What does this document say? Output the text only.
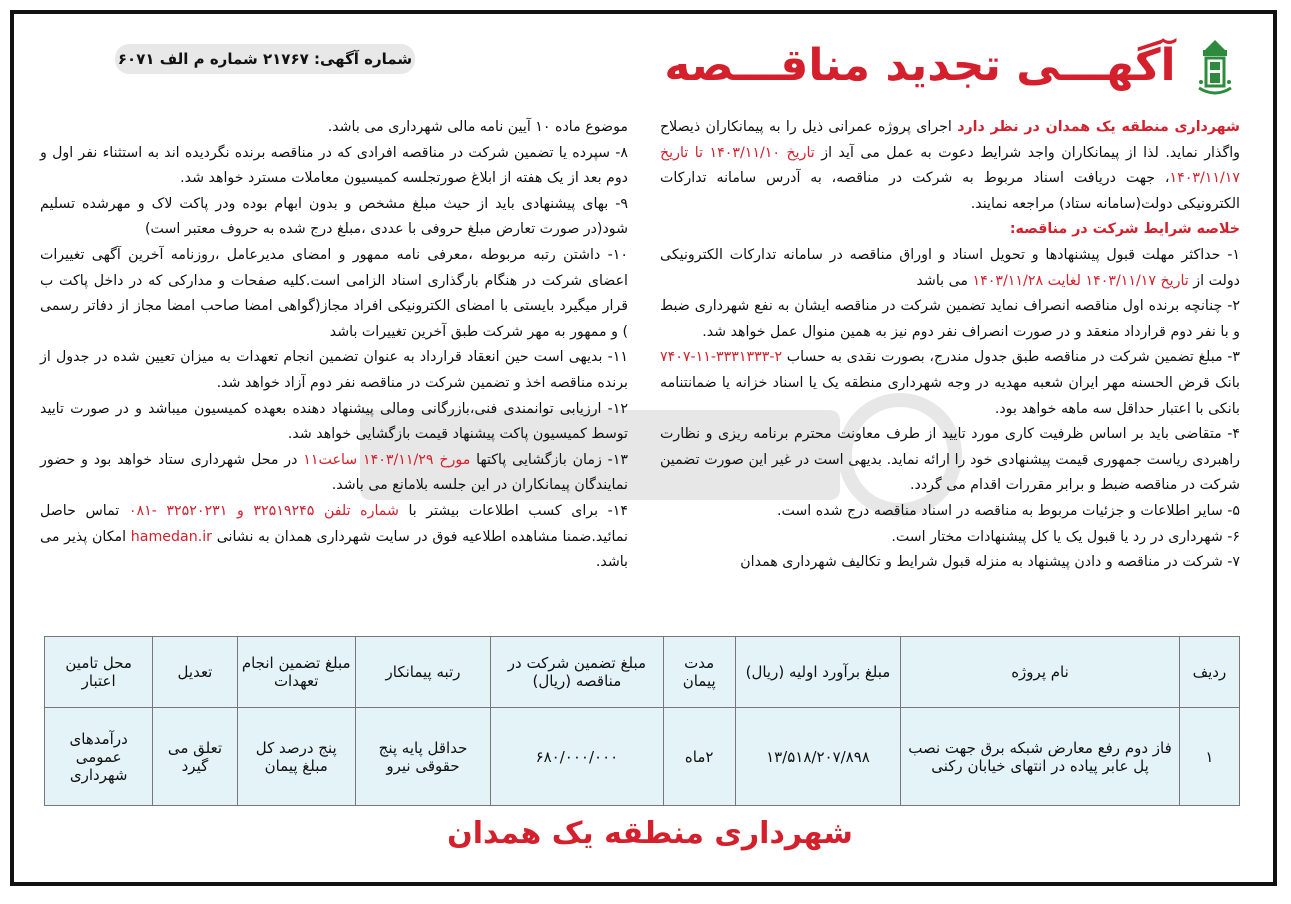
آگهـــی تجدید مناقـــصه
شماره آگهی: ۲۱۷۶۷ شماره م الف ۶۰۷۱

شهرداری منطقه یک همدان در نظر دارد اجرای پروژه عمرانی ذیل را به پیمانکاران ذیصلاح واگذار نماید. لذا از پیمانکاران واجد شرایط دعوت به عمل می آید از تاریخ ۱۴۰۳/۱۱/۱۰ تا تاریخ ۱۴۰۳/۱۱/۱۷، جهت دریافت اسناد مربوط به شرکت در مناقصه، به آدرس سامانه تدارکات الکترونیکی دولت(سامانه ستاد) مراجعه نمایند.

خلاصه شرایط شرکت در مناقصه:

۱- حداکثر مهلت قبول پیشنهادها و تحویل اسناد و اوراق مناقصه در سامانه تدارکات الکترونیکی دولت از تاریخ ۱۴۰۳/۱۱/۱۷ لغایت ۱۴۰۳/۱۱/۲۸ می باشد

۲- چنانچه برنده اول مناقصه انصراف نماید تضمین شرکت در مناقصه ایشان به نفع شهرداری ضبط و با نفر دوم قرارداد منعقد و در صورت انصراف نفر دوم نیز به همین منوال عمل خواهد شد.

۳- مبلغ تضمین شرکت در مناقصه طبق جدول مندرج، بصورت نقدی به حساب ۲-۳۳۳۱۳۳۳-۱۱-۷۴۰۷ بانک قرض الحسنه مهر ایران شعبه مهدیه در وجه شهرداری منطقه یک یا اسناد خزانه یا ضمانتنامه بانکی با اعتبار حداقل سه ماهه خواهد بود.

۴- متقاضی باید بر اساس ظرفیت کاری مورد تایید از طرف معاونت محترم برنامه ریزی و نظارت راهبردی ریاست جمهوری قیمت پیشنهادی خود را ارائه نماید. بدیهی است در غیر این صورت تضمین شرکت در مناقصه ضبط و برابر مقررات اقدام می گردد.

۵- سایر اطلاعات و جزئیات مربوط به مناقصه در اسناد مناقصه درج شده است.

۶- شهرداری در رد یا قبول یک یا کل پیشنهادات مختار است.

۷- شرکت در مناقصه و دادن پیشنهاد به منزله قبول شرایط و تکالیف شهرداری همدان

موضوع ماده ۱۰ آیین نامه مالی شهرداری می باشد.

۸- سپرده یا تضمین شرکت در مناقصه افرادی که در مناقصه برنده نگردیده اند به استثناء نفر اول و دوم بعد از یک هفته از ابلاغ صورتجلسه کمیسیون معاملات مسترد خواهد شد.

۹- بهای پیشنهادی باید از حیث مبلغ مشخص و بدون ابهام بوده ودر پاکت لاک و مهرشده تسلیم شود(در صورت تعارض مبلغ حروفی با عددی ،مبلغ درج شده به حروف معتبر است)

۱۰- داشتن رتبه مربوطه ،معرفی نامه ممهور و امضای مدیرعامل ،روزنامه آخرین آگهی تغییرات اعضای شرکت در هنگام بارگذاری اسناد الزامی است.کلیه صفحات و مدارکی که در داخل پاکت ب قرار میگیرد بایستی با امضای الکترونیکی افراد مجاز(گواهی امضا صاحب امضا مجاز از دفاتر رسمی ) و ممهور به مهر شرکت طبق آخرین تغییرات باشد

۱۱- بدیهی است حین انعقاد قرارداد به عنوان تضمین انجام تعهدات به میزان تعیین شده در جدول از برنده مناقصه اخذ و تضمین شرکت در مناقصه نفر دوم آزاد خواهد شد.

۱۲- ارزیابی توانمندی فنی،بازرگانی ومالی پیشنهاد دهنده بعهده کمیسیون میباشد و در صورت تایید توسط کمیسیون پاکت پیشنهاد قیمت بازگشایی خواهد شد.

۱۳- زمان بازگشایی پاکتها مورخ ۱۴۰۳/۱۱/۲۹ ساعت۱۱ در محل شهرداری ستاد خواهد بود و حضور نمایندگان پیمانکاران در این جلسه بلامانع می باشد.

۱۴- برای کسب اطلاعات بیشتر با شماره تلفن ۳۲۵۱۹۲۴۵ و ۳۲۵۲۰۲۳۱ -۰۸۱ تماس حاصل نمائید.ضمنا مشاهده اطلاعیه فوق در سایت شهرداری همدان به نشانی hamedan.ir امکان پذیر می باشد.

ردیف	نام پروژه	مبلغ برآورد اولیه (ریال)	مدت پیمان	مبلغ تضمین شرکت در مناقصه (ریال)	رتبه پیمانکار	مبلغ تضمین انجام تعهدات	تعدیل	محل تامین اعتبار
۱	فاز دوم رفع معارض شبکه برق جهت نصب پل عابر پیاده در انتهای خیابان رکنی	۱۳/۵۱۸/۲۰۷/۸۹۸	۲ماه	۶۸۰/۰۰۰/۰۰۰	حداقل پایه پنج حقوقی نیرو	پنج درصد کل مبلغ پیمان	تعلق می گیرد	درآمدهای عمومی شهرداری
شهرداری منطقه یک همدان
